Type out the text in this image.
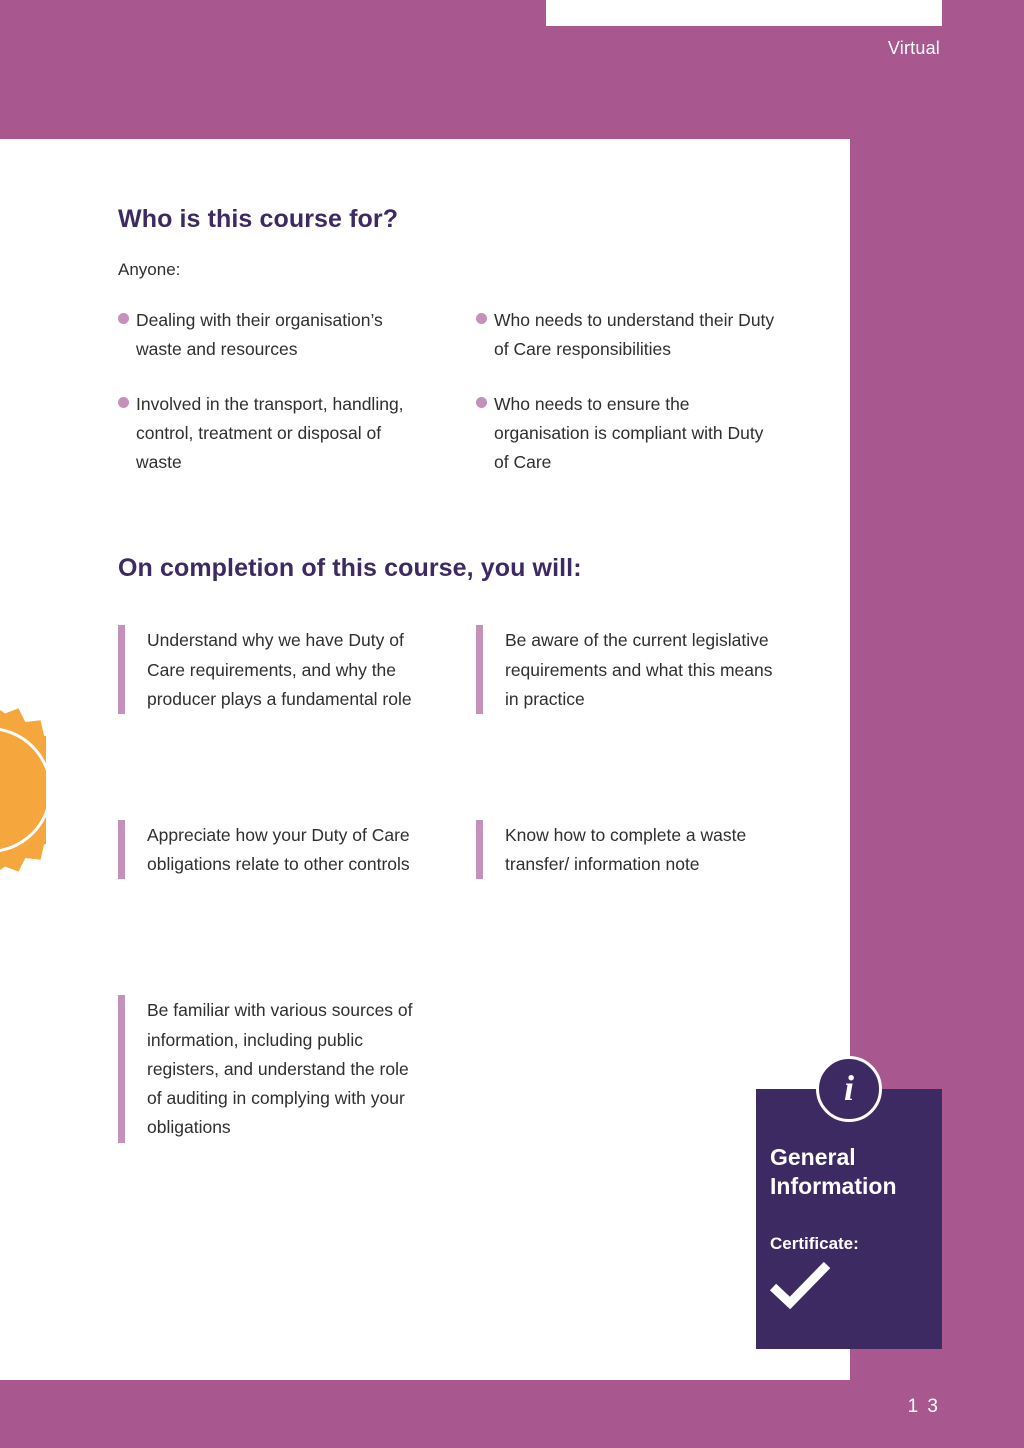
Virtual
Who is this course for?

Anyone:

Dealing with their organisation’s waste and resources
Involved in the transport, handling, control, treatment or disposal of waste
Who needs to understand their Duty of Care responsibilities
Who needs to ensure the organisation is compliant with Duty of Care
On completion of this course, you will:
Understand why we have Duty of Care requirements, and why the producer plays a fundamental role
Appreciate how your Duty of Care obligations relate to other controls
Be familiar with various sources of information, including public registers, and understand the role of auditing in complying with your obligations
Be aware of the current legislative requirements and what this means in practice
Know how to complete a waste transfer/ information note
i
General Information
Certificate:
1 3
